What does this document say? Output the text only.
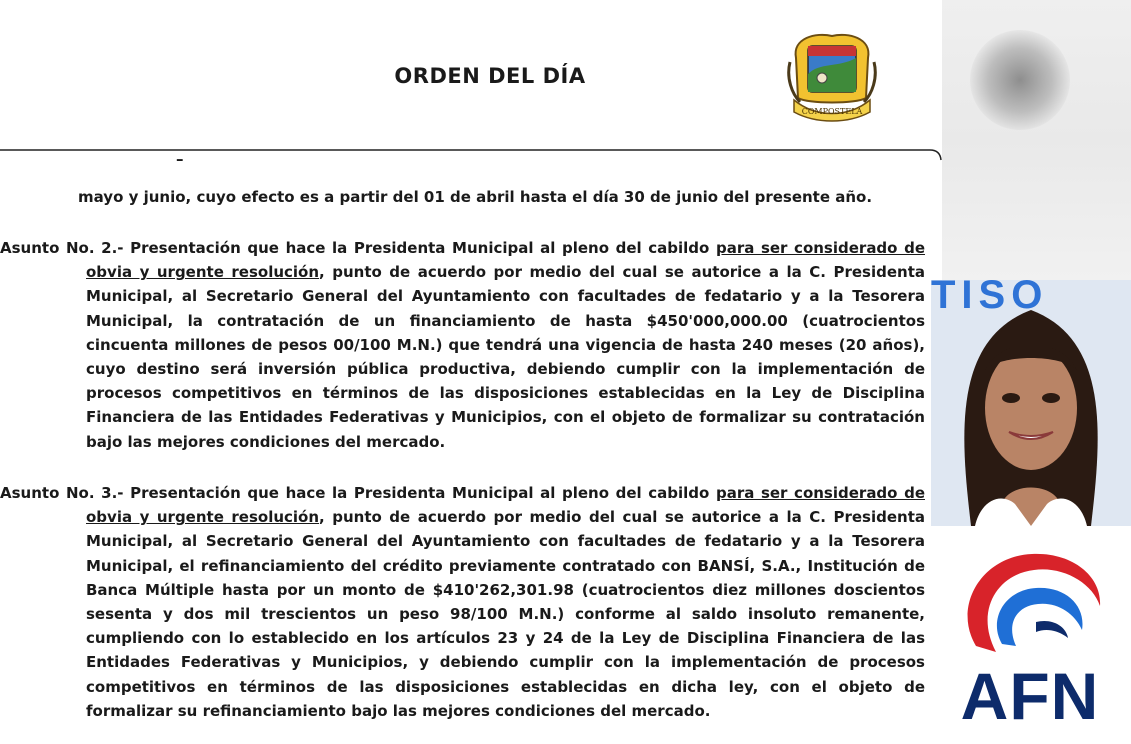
ORDEN DEL DÍA
COMPOSTELA
–
mayo y junio, cuyo efecto es a partir del 01 de abril hasta el día 30 de junio del presente año.
Asunto No. 2.- Presentación que hace la Presidenta Municipal al pleno del cabildo para ser considerado de obvia y urgente resolución, punto de acuerdo por medio del cual se autorice a la C. Presidenta Municipal, al Secretario General del Ayuntamiento con facultades de fedatario y a la Tesorera Municipal, la contratación de un financiamiento de hasta $450'000,000.00 (cuatrocientos cincuenta millones de pesos 00/100 M.N.) que tendrá una vigencia de hasta 240 meses (20 años), cuyo destino será inversión pública productiva, debiendo cumplir con la implementación de procesos competitivos en términos de las disposiciones establecidas en la Ley de Disciplina Financiera de las Entidades Federativas y Municipios, con el objeto de formalizar su contratación bajo las mejores condiciones del mercado.
Asunto No. 3.- Presentación que hace la Presidenta Municipal al pleno del cabildo para ser considerado de obvia y urgente resolución, punto de acuerdo por medio del cual se autorice a la C. Presidenta Municipal, al Secretario General del Ayuntamiento con facultades de fedatario y a la Tesorera Municipal, el refinanciamiento del crédito previamente contratado con BANSÍ, S.A., Institución de Banca Múltiple hasta por un monto de $410'262,301.98 (cuatrocientos diez millones doscientos sesenta y dos mil trescientos un peso 98/100 M.N.) conforme al saldo insoluto remanente, cumpliendo con lo establecido en los artículos 23 y 24 de la Ley de Disciplina Financiera de las Entidades Federativas y Municipios, y debiendo cumplir con la implementación de procesos competitivos en términos de las disposiciones establecidas en dicha ley, con el objeto de formalizar su refinanciamiento bajo las mejores condiciones del mercado.
TISO
AFN
